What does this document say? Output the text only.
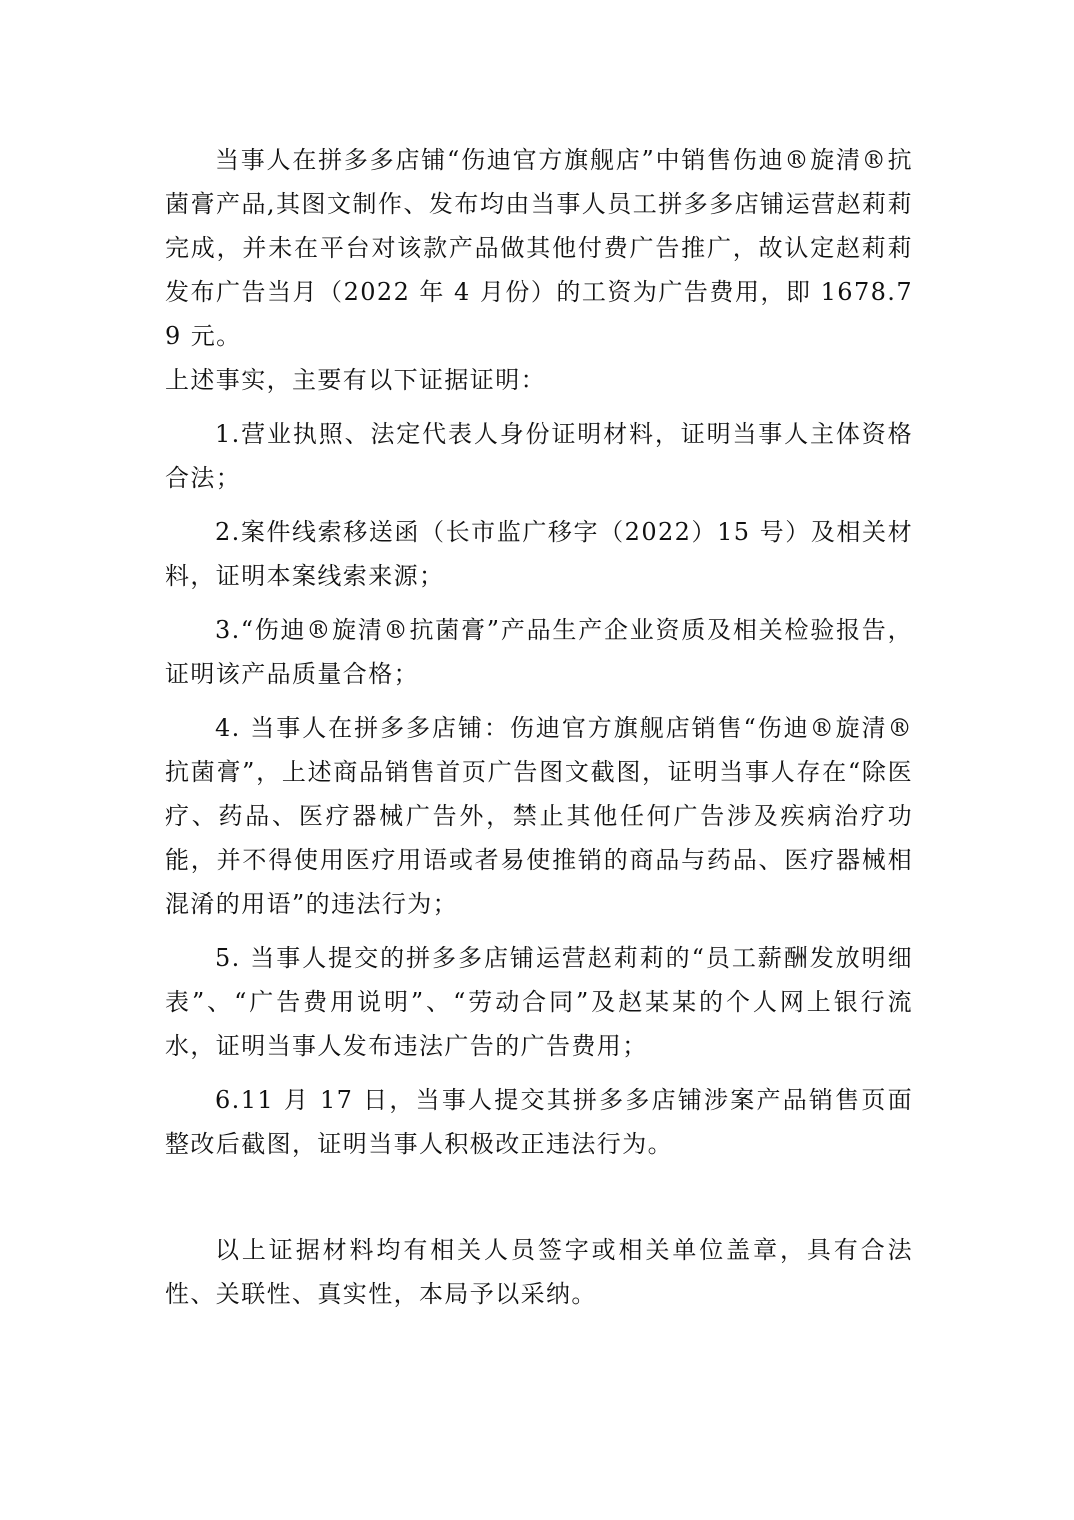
当事人在拼多多店铺“伤迪官方旗舰店”中销售伤迪®旋清®抗菌膏产品,其图文制作、发布均由当事人员工拼多多店铺运营赵莉莉完成，并未在平台对该款产品做其他付费广告推广，故认定赵莉莉发布广告当月（2022 年 4 月份）的工资为广告费用，即 1678.79 元。

上述事实，主要有以下证据证明：

1.营业执照、法定代表人身份证明材料，证明当事人主体资格合法；

2.案件线索移送函（长市监广移字（2022）15 号）及相关材料，证明本案线索来源；

3.“伤迪®旋清®抗菌膏”产品生产企业资质及相关检验报告，证明该产品质量合格；

4. 当事人在拼多多店铺：伤迪官方旗舰店销售“伤迪®旋清®抗菌膏”，上述商品销售首页广告图文截图，证明当事人存在“除医疗、药品、医疗器械广告外，禁止其他任何广告涉及疾病治疗功能，并不得使用医疗用语或者易使推销的商品与药品、医疗器械相混淆的用语”的违法行为；

5. 当事人提交的拼多多店铺运营赵莉莉的“员工薪酬发放明细表”、“广告费用说明”、“劳动合同”及赵某某的个人网上银行流水，证明当事人发布违法广告的广告费用；

6.11 月 17 日，当事人提交其拼多多店铺涉案产品销售页面整改后截图，证明当事人积极改正违法行为。

以上证据材料均有相关人员签字或相关单位盖章，具有合法性、关联性、真实性，本局予以采纳。
